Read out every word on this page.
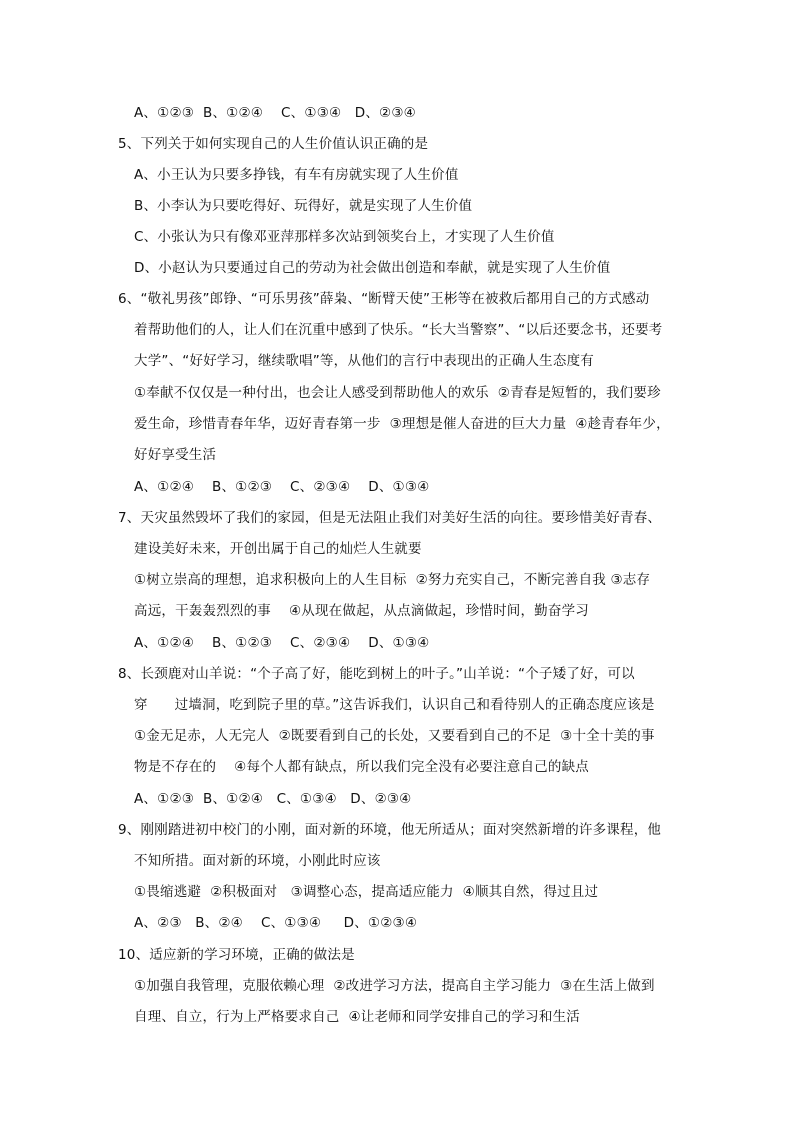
A、①②③  B、①②④    C、①③④   D、②③④
5、下列关于如何实现自己的人生价值认识正确的是
A、小王认为只要多挣钱，有车有房就实现了人生价值
B、小李认为只要吃得好、玩得好，就是实现了人生价值
C、小张认为只有像邓亚萍那样多次站到领奖台上，才实现了人生价值
D、小赵认为只要通过自己的劳动为社会做出创造和奉献，就是实现了人生价值
6、“敬礼男孩”郎铮、“可乐男孩”薛枭、“断臂天使”王彬等在被救后都用自己的方式感动
着帮助他们的人，让人们在沉重中感到了快乐。“长大当警察”、“以后还要念书，还要考
大学”、“好好学习，继续歌唱”等，从他们的言行中表现出的正确人生态度有
①奉献不仅仅是一种付出，也会让人感受到帮助他人的欢乐  ②青春是短暂的，我们要珍
爱生命，珍惜青春年华，迈好青春第一步  ③理想是催人奋进的巨大力量  ④趁青春年少，
好好享受生活
A、①②④    B、①②③    C、②③④    D、①③④
7、天灾虽然毁坏了我们的家园，但是无法阻止我们对美好生活的向往。要珍惜美好青春、
建设美好未来，开创出属于自己的灿烂人生就要
①树立崇高的理想，追求积极向上的人生目标  ②努力充实自己，不断完善自我 ③志存
高远，干轰轰烈烈的事    ④从现在做起，从点滴做起，珍惜时间，勤奋学习
A、①②④    B、①②③    C、②③④    D、①③④
8、长颈鹿对山羊说：“个子高了好，能吃到树上的叶子。”山羊说：“个子矮了好，可以
穿      过墙洞，吃到院子里的草。”这告诉我们，认识自己和看待别人的正确态度应该是
①金无足赤，人无完人  ②既要看到自己的长处，又要看到自己的不足  ③十全十美的事
物是不存在的    ④每个人都有缺点，所以我们完全没有必要注意自己的缺点
A、①②③  B、①②④   C、①③④   D、②③④
9、刚刚踏进初中校门的小刚，面对新的环境，他无所适从；面对突然新增的许多课程，他
不知所措。面对新的环境，小刚此时应该
①畏缩逃避  ②积极面对   ③调整心态，提高适应能力  ④顺其自然，得过且过
A、②③   B、②④    C、①③④     D、①②③④
10、适应新的学习环境，正确的做法是
①加强自我管理，克服依赖心理  ②改进学习方法，提高自主学习能力  ③在生活上做到
自理、自立，行为上严格要求自己  ④让老师和同学安排自己的学习和生活
